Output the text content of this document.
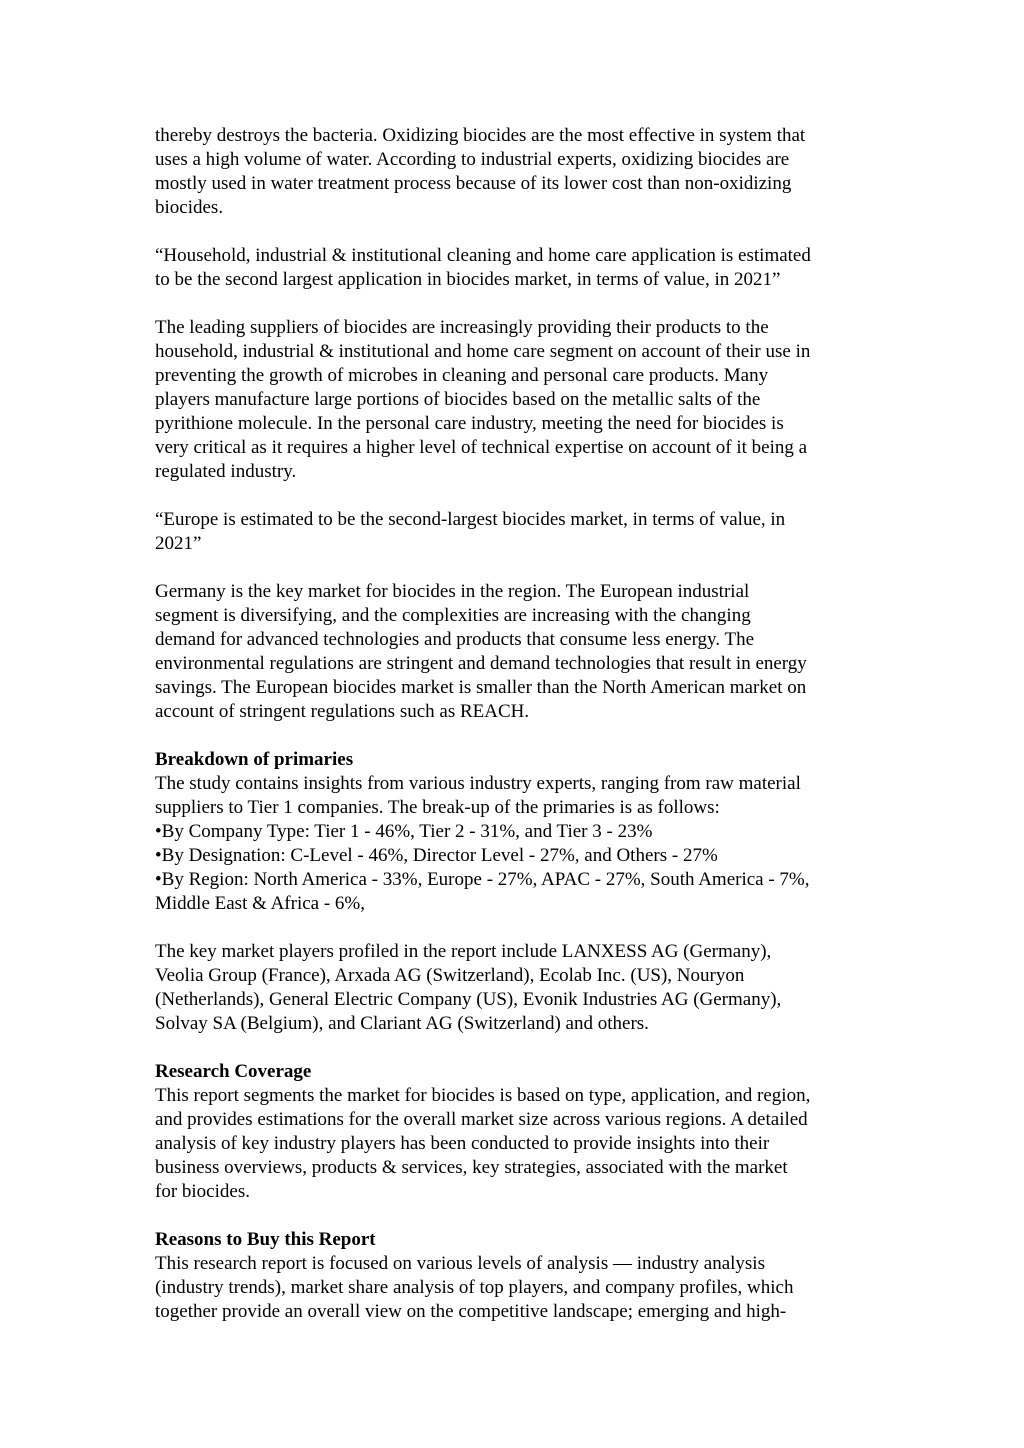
thereby destroys the bacteria. Oxidizing biocides are the most effective in system that
uses a high volume of water. According to industrial experts, oxidizing biocides are
mostly used in water treatment process because of its lower cost than non-oxidizing
biocides.

“Household, industrial & institutional cleaning and home care application is estimated
to be the second largest application in biocides market, in terms of value, in 2021”

The leading suppliers of biocides are increasingly providing their products to the
household, industrial & institutional and home care segment on account of their use in
preventing the growth of microbes in cleaning and personal care products. Many
players manufacture large portions of biocides based on the metallic salts of the
pyrithione molecule. In the personal care industry, meeting the need for biocides is
very critical as it requires a higher level of technical expertise on account of it being a
regulated industry.

“Europe is estimated to be the second-largest biocides market, in terms of value, in
2021”

Germany is the key market for biocides in the region. The European industrial
segment is diversifying, and the complexities are increasing with the changing
demand for advanced technologies and products that consume less energy. The
environmental regulations are stringent and demand technologies that result in energy
savings. The European biocides market is smaller than the North American market on
account of stringent regulations such as REACH.

Breakdown of primaries

The study contains insights from various industry experts, ranging from raw material
suppliers to Tier 1 companies. The break-up of the primaries is as follows:

•By Company Type: Tier 1 - 46%, Tier 2 - 31%, and Tier 3 - 23%

•By Designation: C-Level - 46%, Director Level - 27%, and Others - 27%

•By Region: North America - 33%, Europe - 27%, APAC - 27%, South America - 7%,
Middle East & Africa - 6%,

The key market players profiled in the report include LANXESS AG (Germany),
Veolia Group (France), Arxada AG (Switzerland), Ecolab Inc. (US), Nouryon
(Netherlands), General Electric Company (US), Evonik Industries AG (Germany),
Solvay SA (Belgium), and Clariant AG (Switzerland) and others.

Research Coverage

This report segments the market for biocides is based on type, application, and region,
and provides estimations for the overall market size across various regions. A detailed
analysis of key industry players has been conducted to provide insights into their
business overviews, products & services, key strategies, associated with the market
for biocides.

Reasons to Buy this Report

This research report is focused on various levels of analysis — industry analysis
(industry trends), market share analysis of top players, and company profiles, which
together provide an overall view on the competitive landscape; emerging and high-
